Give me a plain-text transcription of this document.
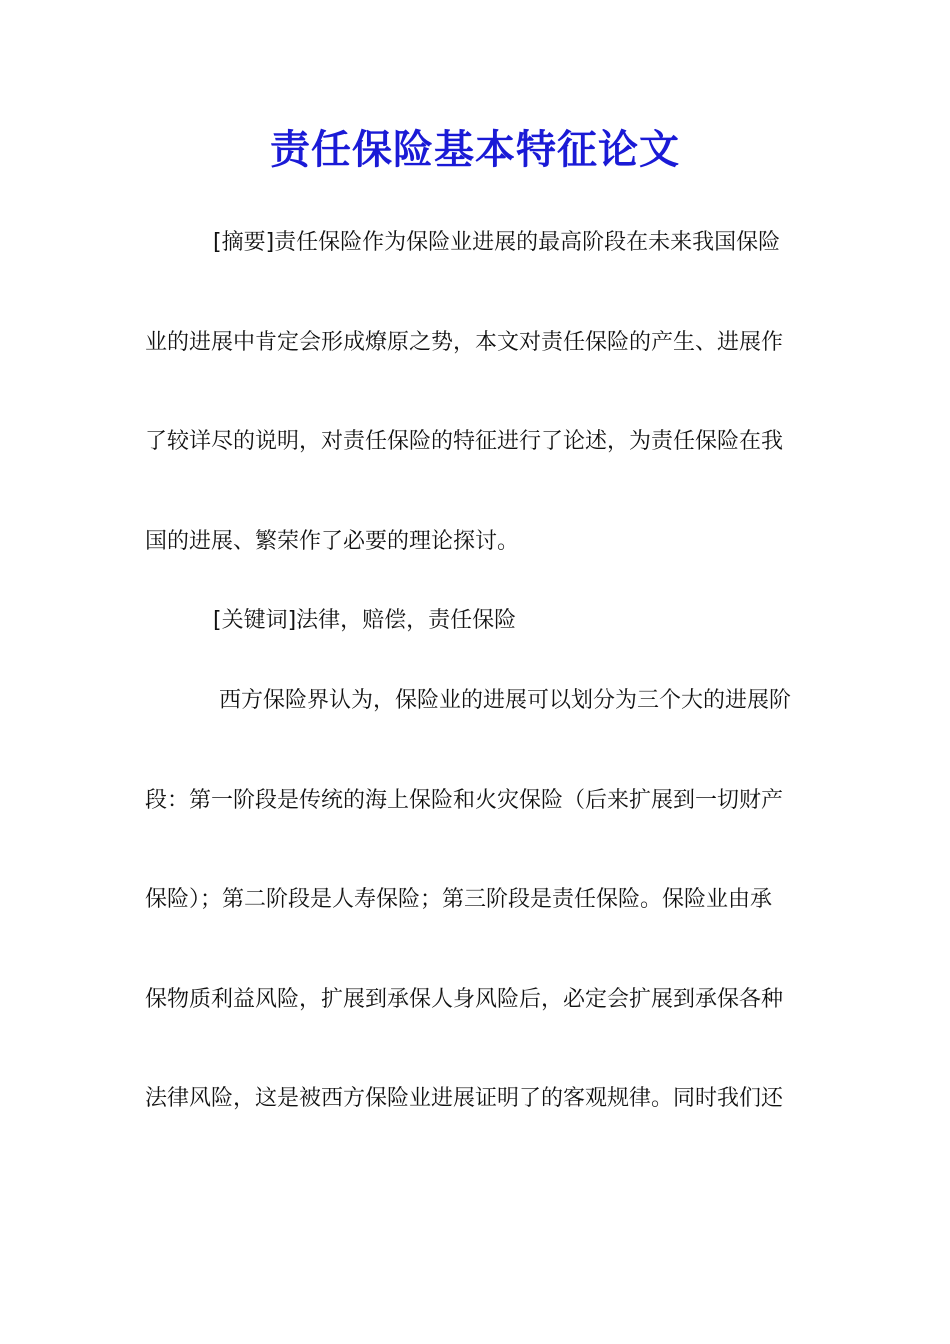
责任保险基本特征论文
[摘要]责任保险作为保险业进展的最高阶段在未来我国保险
业的进展中肯定会形成燎原之势，本文对责任保险的产生、进展作
了较详尽的说明，对责任保险的特征进行了论述，为责任保险在我
国的进展、繁荣作了必要的理论探讨。
[关键词]法律，赔偿，责任保险
西方保险界认为，保险业的进展可以划分为三个大的进展阶
段：第一阶段是传统的海上保险和火灾保险（后来扩展到一切财产
保险）；第二阶段是人寿保险；第三阶段是责任保险。保险业由承
保物质利益风险，扩展到承保人身风险后，必定会扩展到承保各种
法律风险，这是被西方保险业进展证明了的客观规律。同时我们还
